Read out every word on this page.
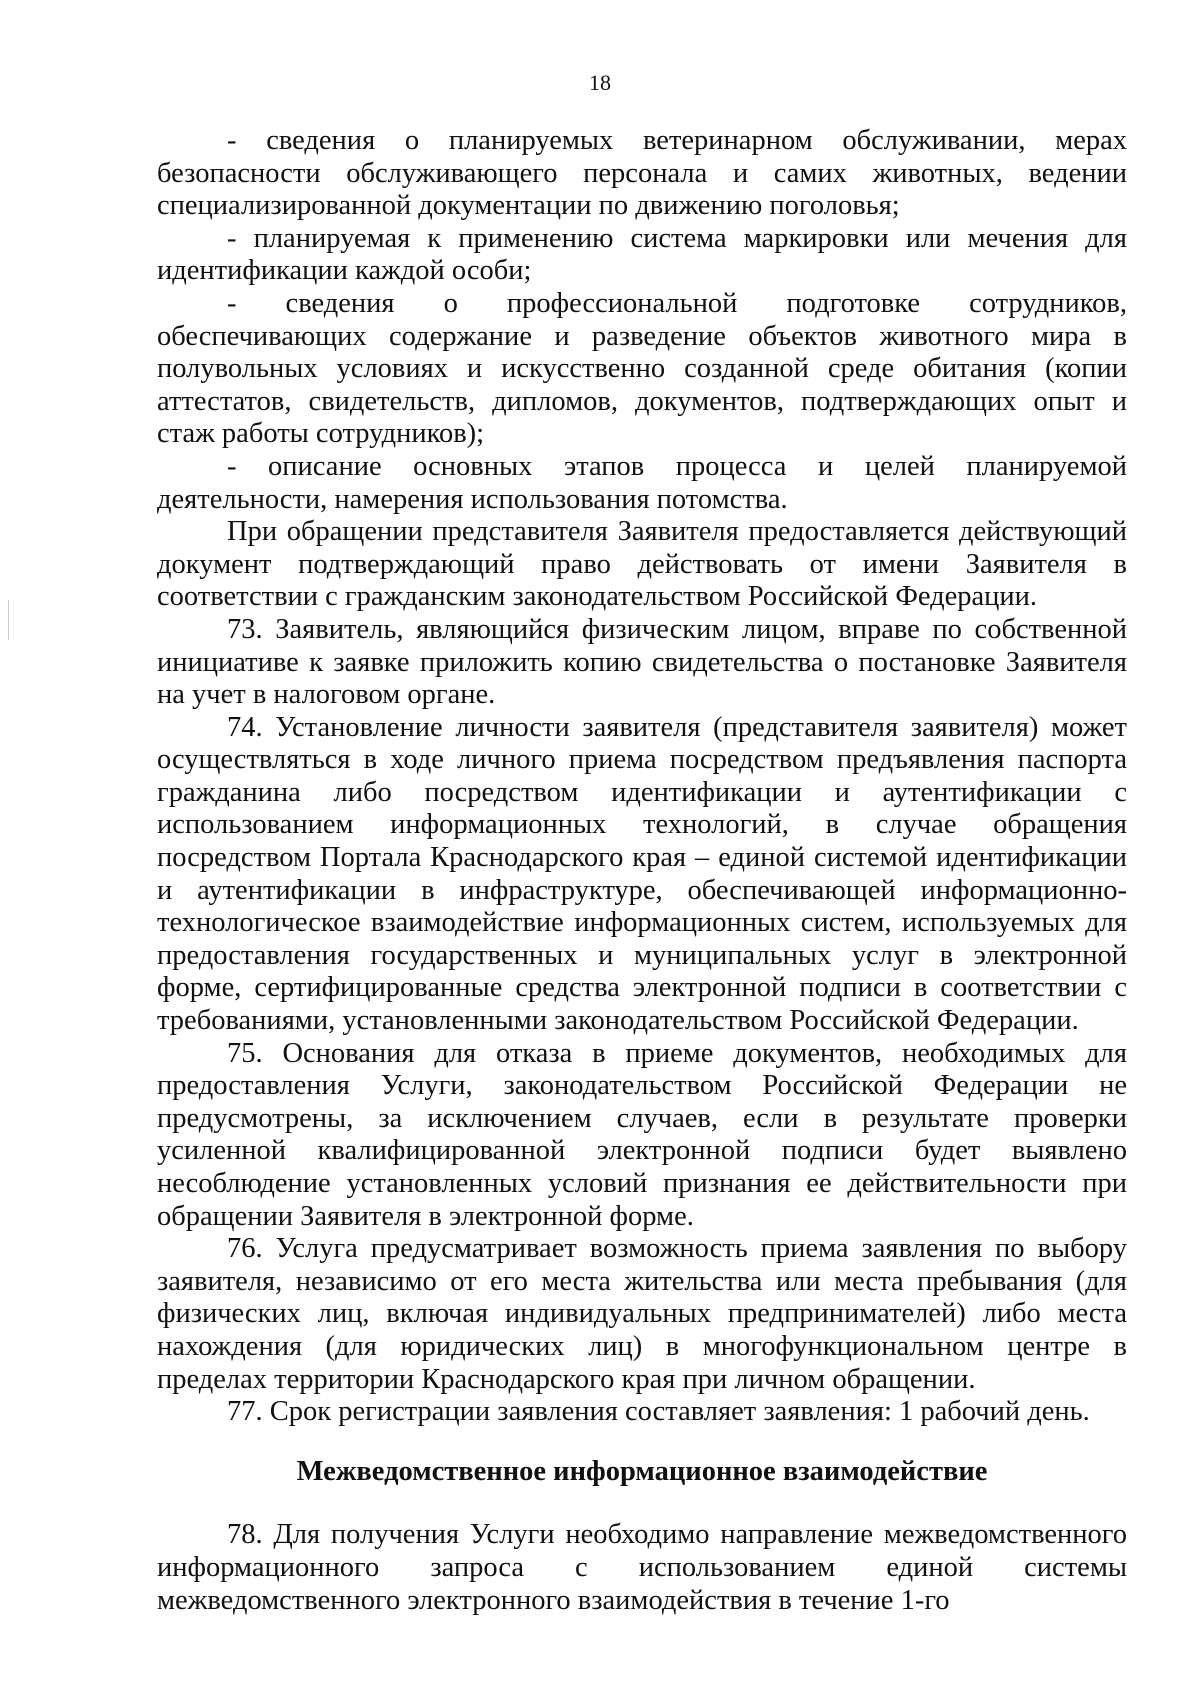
18

- сведения о планируемых ветеринарном обслуживании, мерах безопасности обслуживающего персонала и самих животных, ведении специализированной документации по движению поголовья;

- планируемая к применению система маркировки или мечения для идентификации каждой особи;

- сведения о профессиональной подготовке сотрудников, обеспечивающих содержание и разведение объектов животного мира в полувольных условиях и искусственно созданной среде обитания (копии аттестатов, свидетельств, дипломов, документов, подтверждающих опыт и стаж работы сотрудников);

- описание основных этапов процесса и целей планируемой деятельности, намерения использования потомства.

При обращении представителя Заявителя предоставляется действующий документ подтверждающий право действовать от имени Заявителя в соответствии с гражданским законодательством Российской Федерации.

73. Заявитель, являющийся физическим лицом, вправе по собственной инициативе к заявке приложить копию свидетельства о постановке Заявителя на учет в налоговом органе.

74. Установление личности заявителя (представителя заявителя) может осуществляться в ходе личного приема посредством предъявления паспорта гражданина либо посредством идентификации и аутентификации с использованием информационных технологий, в случае обращения посредством Портала Краснодарского края – единой системой идентификации и аутентификации в инфраструктуре, обеспечивающей информационно-технологическое взаимодействие информационных систем, используемых для предоставления государственных и муниципальных услуг в электронной форме, сертифицированные средства электронной подписи в соответствии с требованиями, установленными законодательством Российской Федерации.

75. Основания для отказа в приеме документов, необходимых для предоставления Услуги, законодательством Российской Федерации не предусмотрены, за исключением случаев, если в результате проверки усиленной квалифицированной электронной подписи будет выявлено несоблюдение установленных условий признания ее действительности при обращении Заявителя в электронной форме.

76. Услуга предусматривает возможность приема заявления по выбору заявителя, независимо от его места жительства или места пребывания (для физических лиц, включая индивидуальных предпринимателей) либо места нахождения (для юридических лиц) в многофункциональном центре в пределах территории Краснодарского края при личном обращении.

77. Срок регистрации заявления составляет заявления: 1 рабочий день.

Межведомственное информационное взаимодействие

78. Для получения Услуги необходимо направление межведомственного информационного запроса с использованием единой системы межведомственного электронного взаимодействия в течение 1-го
